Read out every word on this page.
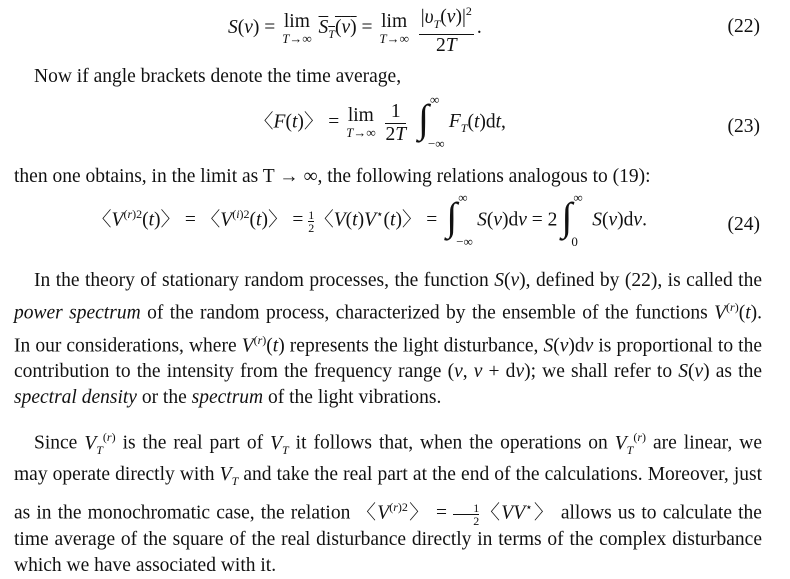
S(ν) = lim
T→∞
$S_T(\nu) = \lim$
T→∞
$\frac{|\upsilon_T(\nu)|^2}{2T}$ .	(22)
Now if angle brackets denote the time average,
〈F(t)〉 = lim
T→∞
$\frac{1}{2T}$
∫ ∞
−∞
$F_T(t)dt$,	(23)
then one obtains, in the limit as T → ∞, the following relations analogous to (19):
〈$V^{(r)2}(t)$〉 = 〈$V^{(i)2}(t)$〉 = $\frac{1}{2}$ 〈V(t)V⋆(t)〉 = ∫ ∞
−∞
S(ν)dν = 2 ∫ ∞
0
S(ν)dν.	(24)
In the theory of stationary random processes, the function S(ν), defined by (22), is called the power spectrum of the random process, characterized by the ensemble of the functions $V^{(r)}(t)$. In our considerations, where $V^{(r)}(t)$ represents the light disturbance, S(ν)dν is proportional to the contribution to the intensity from the frequency range (ν, ν + dν); we shall refer to S(ν) as the spectral density or the spectrum of the light vibrations.
Since $V_T^{(r)}$ is the real part of $V_T$ it follows that, when the operations on $V_T^{(r)}$ are linear, we may operate directly with $V_T$ and take the real part at the end of the calculations. Moreover, just as in the monochromatic case, the relation 〈$V^{(r)2}$〉 = $\frac{1}{2}$ 〈VV⋆〉 allows us to calculate the time average of the square of the real disturbance directly in terms of the complex disturbance which we have associated with it.
